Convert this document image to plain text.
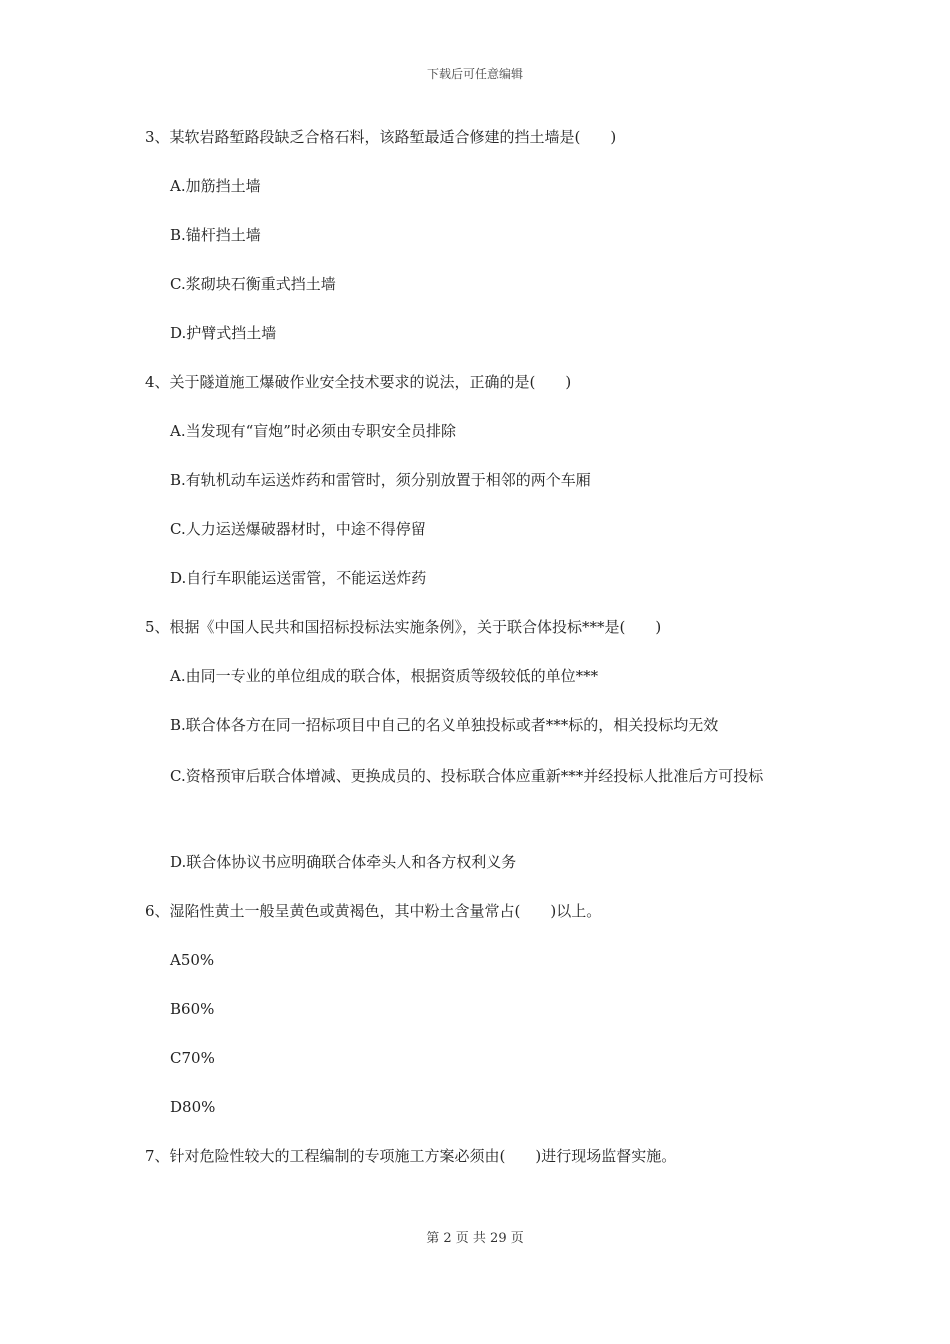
下载后可任意编辑
3、某软岩路堑路段缺乏合格石料，该路堑最适合修建的挡土墙是(　　)
A.加筋挡土墙
B.锚杆挡土墙
C.浆砌块石衡重式挡土墙
D.护臂式挡土墙
4、关于隧道施工爆破作业安全技术要求的说法，正确的是(　　)
A.当发现有“盲炮”时必须由专职安全员排除
B.有轨机动车运送炸药和雷管时，须分别放置于相邻的两个车厢
C.人力运送爆破器材时，中途不得停留
D.自行车职能运送雷管，不能运送炸药
5、根据《中国人民共和国招标投标法实施条例》，关于联合体投标***是(　　)
A.由同一专业的单位组成的联合体，根据资质等级较低的单位***
B.联合体各方在同一招标项目中自己的名义单独投标或者***标的，相关投标均无效
C.资格预审后联合体增减、更换成员的、投标联合体应重新***并经投标人批准后方可投标
D.联合体协议书应明确联合体牵头人和各方权利义务
6、湿陷性黄土一般呈黄色或黄褐色，其中粉土含量常占(　　)以上。
A50%
B60%
C70%
D80%
7、针对危险性较大的工程编制的专项施工方案必须由(　　)进行现场监督实施。
第 2 页 共 29 页
